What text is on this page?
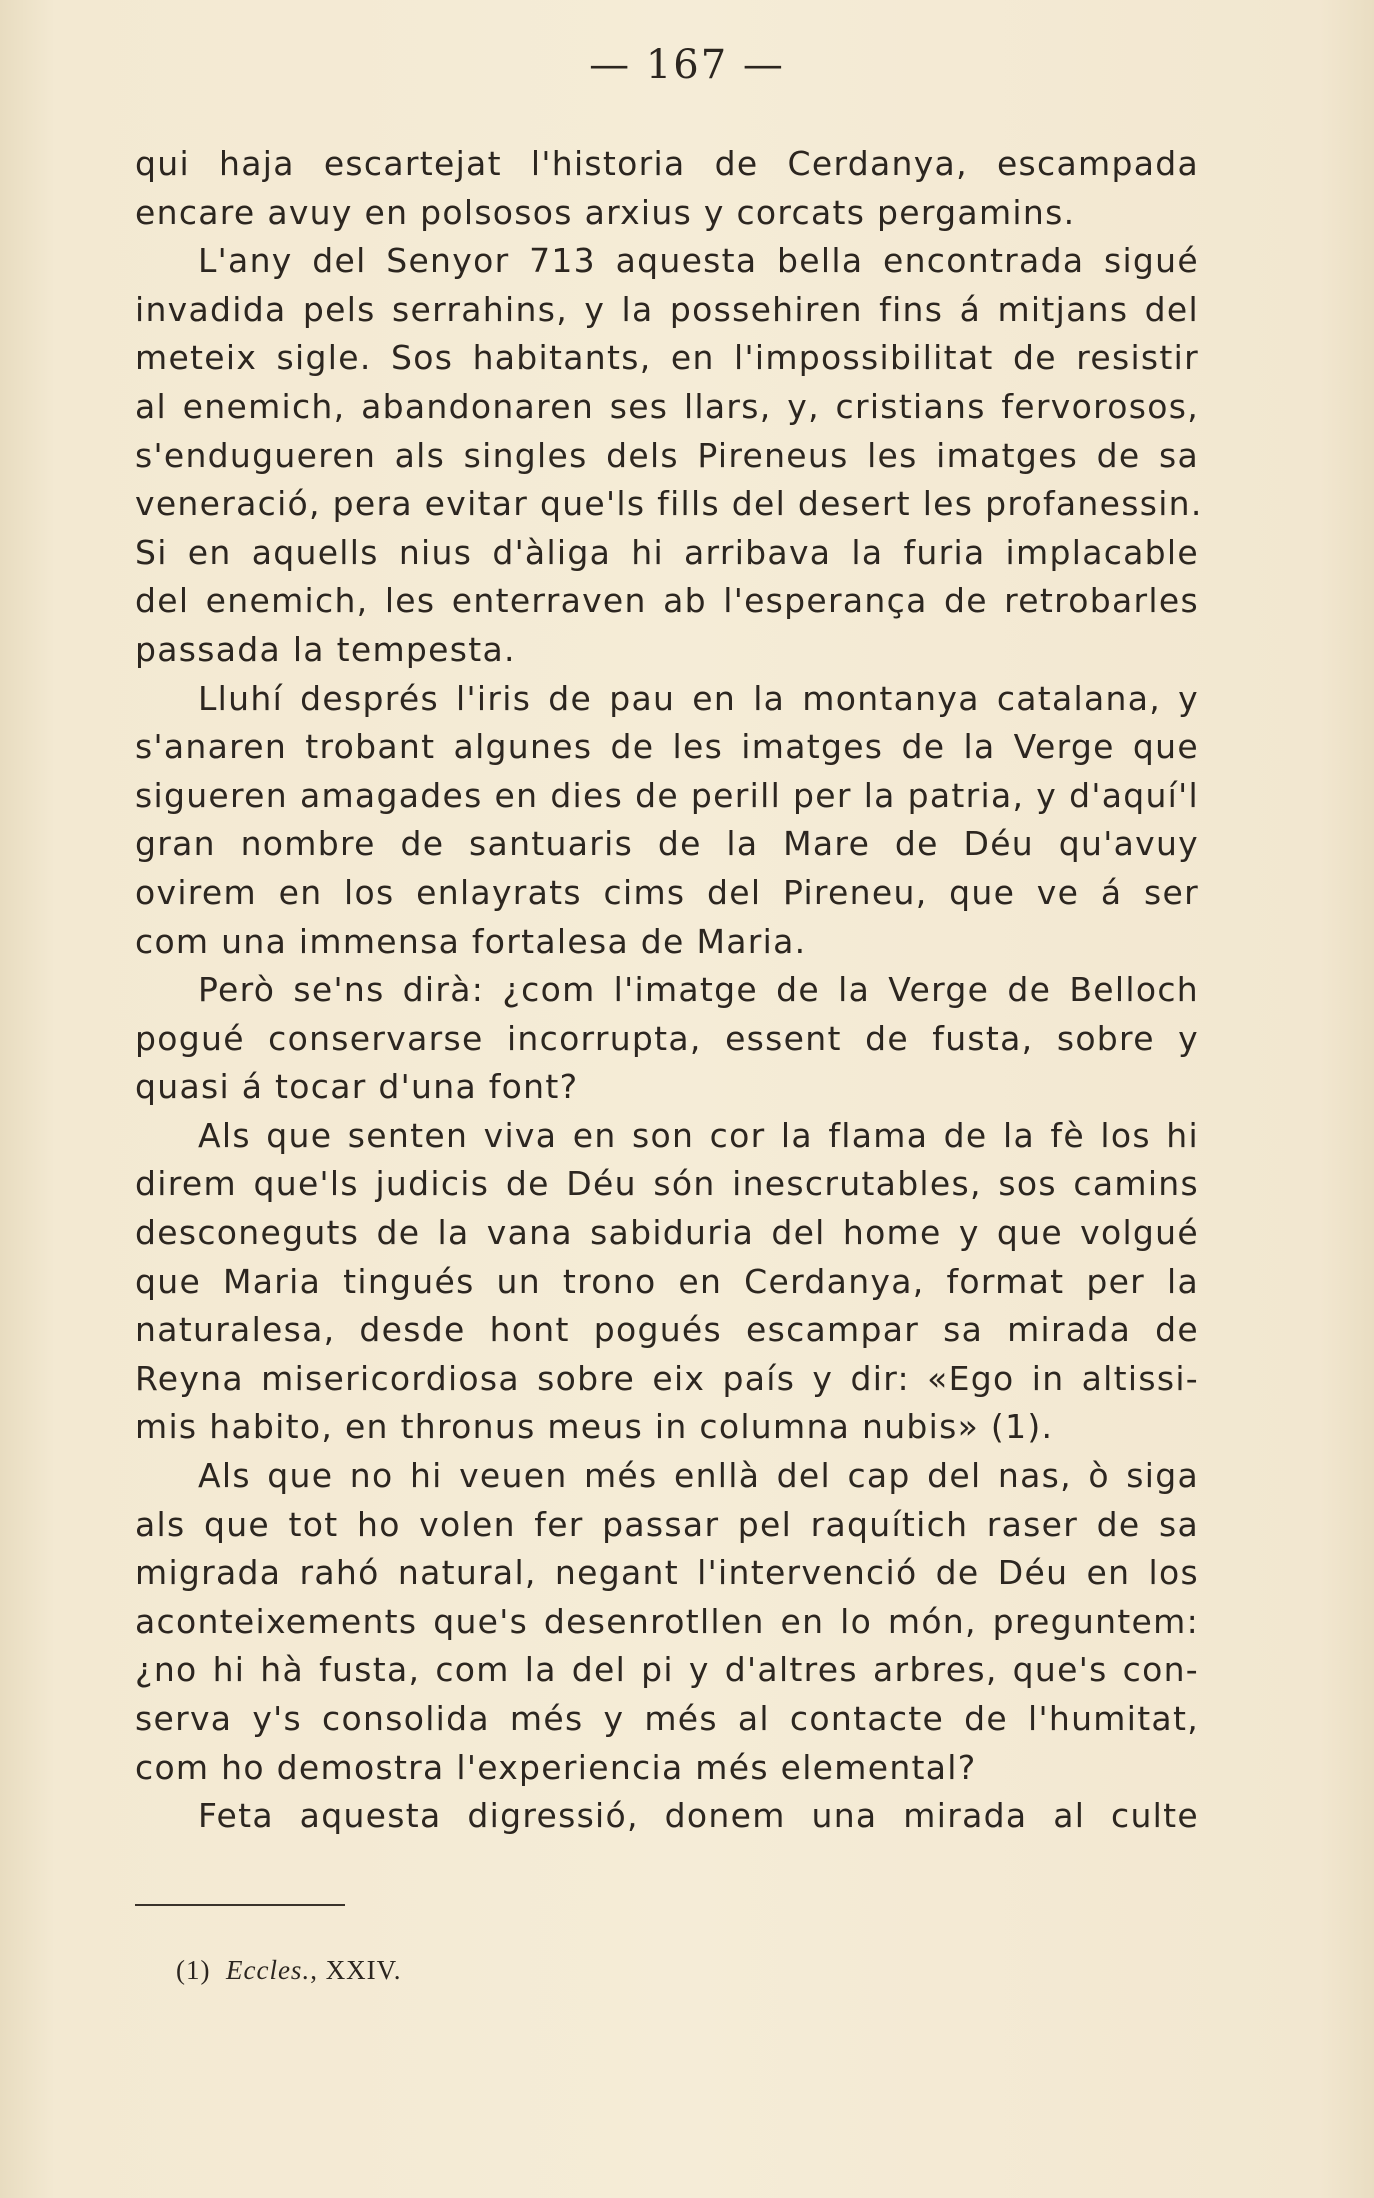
— 167 —
qui haja escartejat l'historia de Cerdanya, escampada
encare avuy en polsosos arxius y corcats pergamins.
L'any del Senyor 713 aquesta bella encontrada sigué
invadida pels serrahins, y la possehiren fins á mitjans del
meteix sigle. Sos habitants, en l'impossibilitat de resistir
al enemich, abandonaren ses llars, y, cristians fervorosos,
s'endugueren als singles dels Pireneus les imatges de sa
veneració, pera evitar que'ls fills del desert les profanessin.
Si en aquells nius d'àliga hi arribava la furia implacable
del enemich, les enterraven ab l'esperança de retrobarles
passada la tempesta.
Lluhí després l'iris de pau en la montanya catalana, y
s'anaren trobant algunes de les imatges de la Verge que
sigueren amagades en dies de perill per la patria, y d'aquí'l
gran nombre de santuaris de la Mare de Déu qu'avuy
ovirem en los enlayrats cims del Pireneu, que ve á ser
com una immensa fortalesa de Maria.
Però se'ns dirà: ¿com l'imatge de la Verge de Belloch
pogué conservarse incorrupta, essent de fusta, sobre y
quasi á tocar d'una font?
Als que senten viva en son cor la flama de la fè los hi
direm que'ls judicis de Déu són inescrutables, sos camins
desconeguts de la vana sabiduria del home y que volgué
que Maria tingués un trono en Cerdanya, format per la
naturalesa, desde hont pogués escampar sa mirada de
Reyna misericordiosa sobre eix país y dir: «Ego in altissi-
mis habito, en thronus meus in columna nubis» (1).
Als que no hi veuen més enllà del cap del nas, ò siga
als que tot ho volen fer passar pel raquítich raser de sa
migrada rahó natural, negant l'intervenció de Déu en los
aconteixements que's desenrotllen en lo món, preguntem:
¿no hi hà fusta, com la del pi y d'altres arbres, que's con-
serva y's consolida més y més al contacte de l'humitat,
com ho demostra l'experiencia més elemental?
Feta aquesta digressió, donem una mirada al culte
(1) Eccles., XXIV.
